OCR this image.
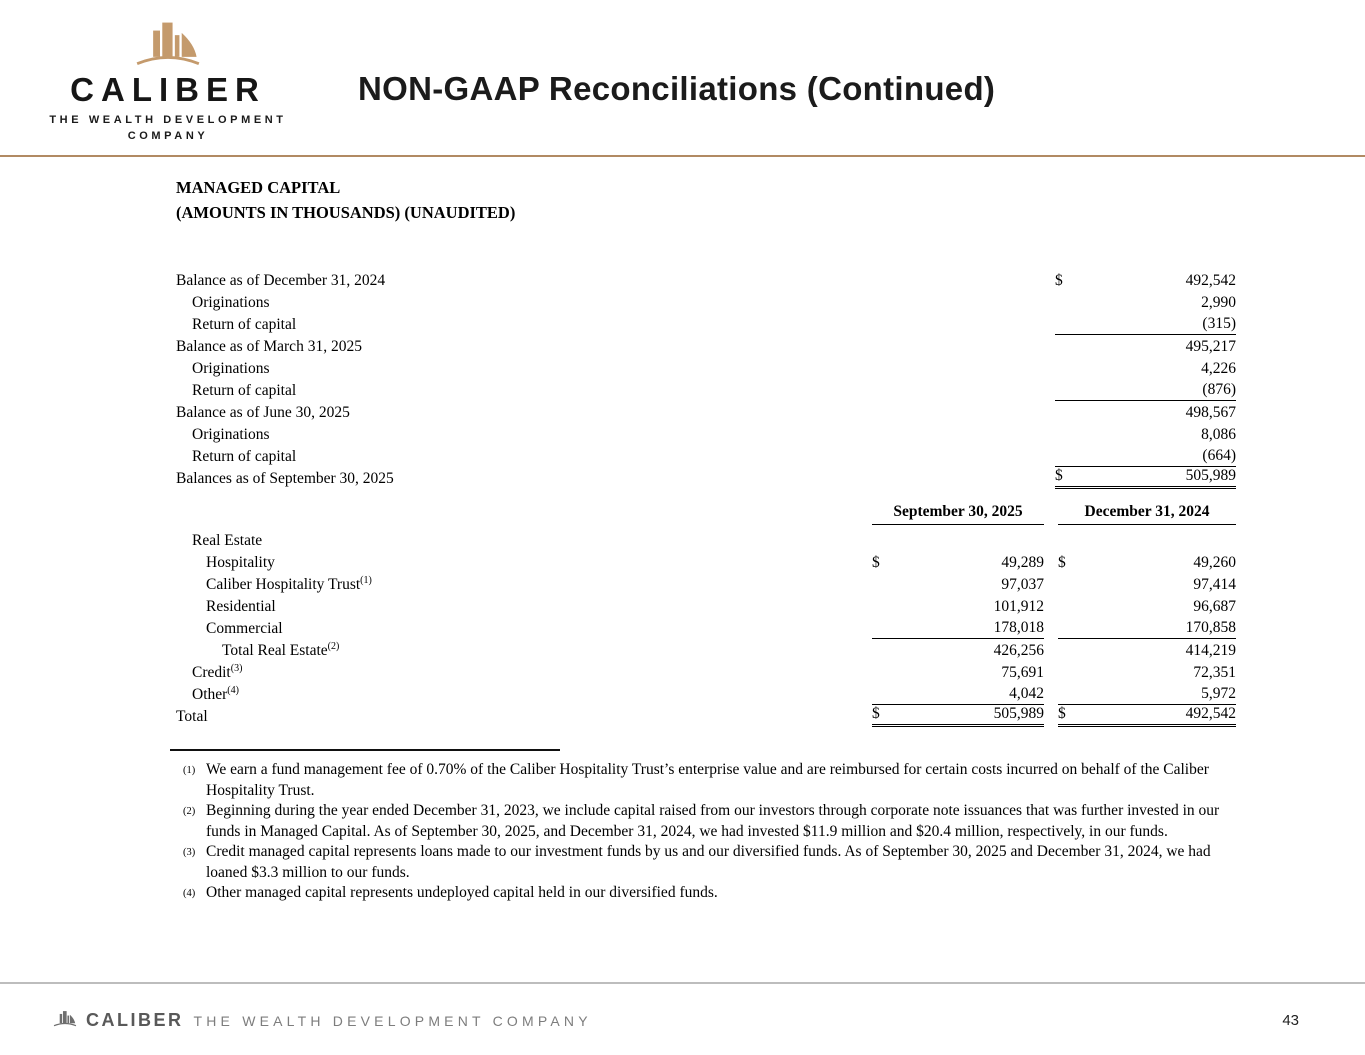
CALIBER
THE WEALTH DEVELOPMENT
COMPANY
NON-GAAP Reconciliations (Continued)
MANAGED CAPITAL
(AMOUNTS IN THOUSANDS) (UNAUDITED)
Balance as of December 31, 2024	$	492,542
Originations	2,990
Return of capital	(315)
Balance as of March 31, 2025	495,217
Originations	4,226
Return of capital	(876)
Balance as of June 30, 2025	498,567
Originations	8,086
Return of capital	(664)
Balances as of September 30, 2025	$	505,989
September 30, 2025	December 31, 2024
Real Estate
Hospitality	$	49,289 $	49,260
Caliber Hospitality Trust$^{(1)}$	97,037	97,414
Residential	101,912	96,687
Commercial	178,018	170,858
Total Real Estate$^{(2)}$	426,256	414,219
Credit$^{(3)}$	75,691	72,351
Other$^{(4)}$	4,042	5,972
Total	$	505,989 $	492,542
(1) We earn a fund management fee of 0.70% of the Caliber Hospitality Trust’s enterprise value and are reimbursed for certain costs incurred on behalf of the Caliber Hospitality Trust.
(2) Beginning during the year ended December 31, 2023, we include capital raised from our investors through corporate note issuances that was further invested in our funds in Managed Capital. As of September 30, 2025, and December 31, 2024, we had invested $11.9 million and $20.4 million, respectively, in our funds.
(3) Credit managed capital represents loans made to our investment funds by us and our diversified funds. As of September 30, 2025 and December 31, 2024, we had loaned $3.3 million to our funds.
(4) Other managed capital represents undeployed capital held in our diversified funds.
CALIBER THE WEALTH DEVELOPMENT COMPANY	43
